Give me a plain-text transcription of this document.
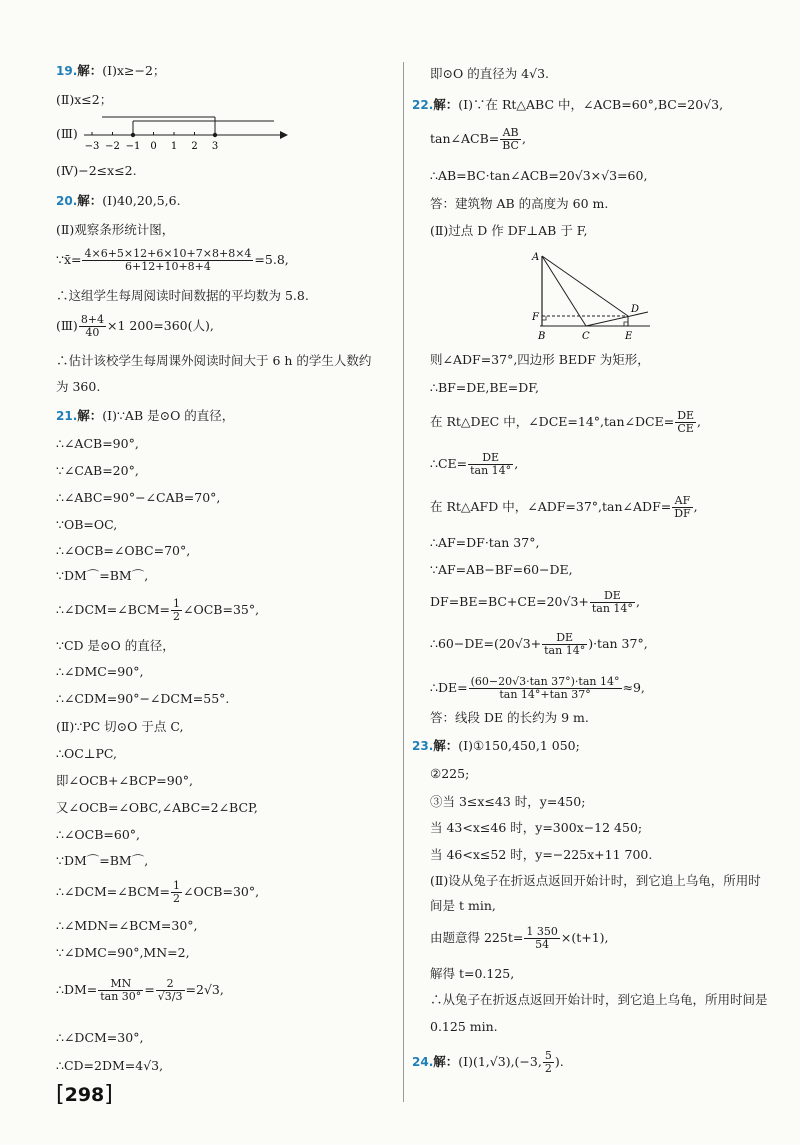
19.解：(Ⅰ)x≥−2；
(Ⅱ)x≤2；
(Ⅲ)
−3 −2 −1 0 1 2 3
(Ⅳ)−2≤x≤2.
20.解：(Ⅰ)40,20,5,6.
(Ⅱ)观察条形统计图，
∵x̄= $\frac{4\times 6+5\times 12+6\times 10+7\times 8+8\times 4}{6+12+10+8+4} =5.8$,
∴这组学生每周阅读时间数据的平均数为 5.8.
(Ⅲ) $\frac{8+4}{40} \times 1$ 200=360(人),
∴估计该校学生每周课外阅读时间大于 6 h 的学生人数约
为 360.
21.解：(Ⅰ)∵AB 是⊙O 的直径，
∴∠ACB=90°,
∵∠CAB=20°,
∴∠ABC=90°−∠CAB=70°,
∵OB=OC,
∴∠OCB=∠OBC=70°,
∵DM⌒=BM⌒,
∴∠DCM=∠BCM= $\frac{1}{2}$ ∠OCB=35°,
∵CD 是⊙O 的直径，
∴∠DMC=90°,
∴∠CDM=90°−∠DCM=55°.
(Ⅱ)∵PC 切⊙O 于点 C,
∴OC⊥PC,
即∠OCB+∠BCP=90°,
又∠OCB=∠OBC,∠ABC=2∠BCP,
∴∠OCB=60°,
∵DM⌒=BM⌒,
∴∠DCM=∠BCM= $\frac{1}{2}$ ∠OCB=30°,
∴∠MDN=∠BCM=30°,
∵∠DMC=90°,MN=2,
∴DM= $\frac{MN}{\tan 30^\circ} = \frac{2}{√3/3} =2√3$,
∴∠DCM=30°,
∴CD=2DM=4√3,
即⊙O 的直径为 4√3.
22.解：(Ⅰ)∵在 Rt△ABC 中，∠ACB=60°,BC=20√3,
tan∠ACB= $\frac{AB}{BC}$ ,
∴AB=BC·tan∠ACB=20√3×√3=60,
答：建筑物 AB 的高度为 60 m.
(Ⅱ)过点 D 作 DF⊥AB 于 F,
A
F
B	C	E
D
则∠ADF=37°,四边形 BEDF 为矩形，
∴BF=DE,BE=DF,
在 Rt△DEC 中，∠DCE=14°,tan∠DCE= $\frac{DE}{CE}$ ,
∴CE= $\frac{DE}{\tan 14^\circ}$ ,
在 Rt△AFD 中，∠ADF=37°,tan∠ADF= $\frac{AF}{DF}$ ,
∴AF=DF·tan 37°,
∵AF=AB−BF=60−DE,
$DF=BE=BC+CE=20√3+ \frac{DE}{\tan 14^\circ}$ ,
∴60−DE=(20√3+ $\frac{DE}{\tan 14^\circ} )\cdot\tan$ 37°,
∴DE= $\frac{(60-20√3\cdot\tan 37^\circ)\cdot\tan 14^\circ}{\tan 14^\circ+\tan 37^\circ} \approx 9$,
答：线段 DE 的长约为 9 m.
23.解：(Ⅰ)①150,450,1 050;
②225;
③当 3≤x≤43 时，y=450;
当 43<x≤46 时，y=300x−12 450;
当 46<x≤52 时，y=−225x+11 700.
(Ⅱ)设从兔子在折返点返回开始计时，到它追上乌龟，所用时
间是 t min,
由题意得 $225t= \frac{1 350}{54} \times(t+1)$,
解得 t=0.125,
∴从兔子在折返点返回开始计时，到它追上乌龟，所用时间是
0.125 min.
24.解：(Ⅰ)(1,√3),(−3, $\frac{5}{2}$ ).
[298]
